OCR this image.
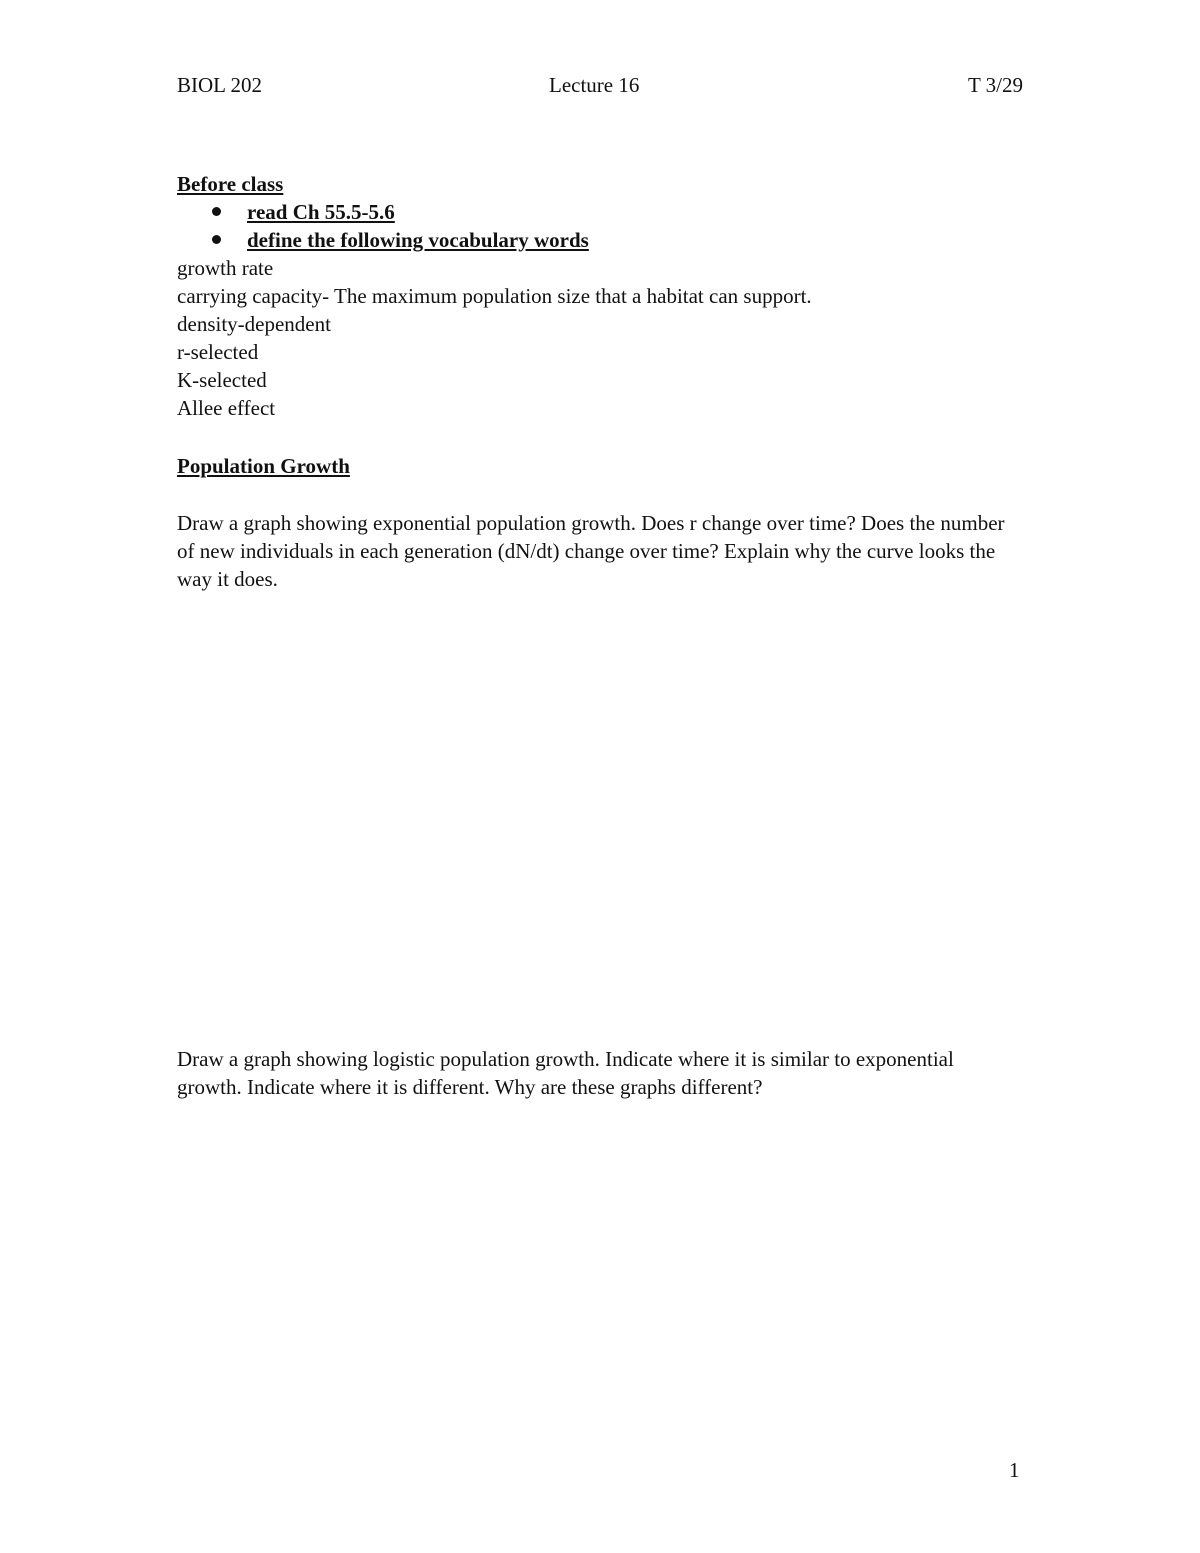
BIOL 202	Lecture 16	T 3/29
Before class
read Ch 55.5-5.6
define the following vocabulary words
growth rate
carrying capacity- The maximum population size that a habitat can support.
density-dependent
r-selected
K-selected
Allee effect
Population Growth

Draw a graph showing exponential population growth. Does r change over time? Does the number of new individuals in each generation (dN/dt) change over time? Explain why the curve looks the way it does.

Draw a graph showing logistic population growth. Indicate where it is similar to exponential growth. Indicate where it is different. Why are these graphs different?

1
